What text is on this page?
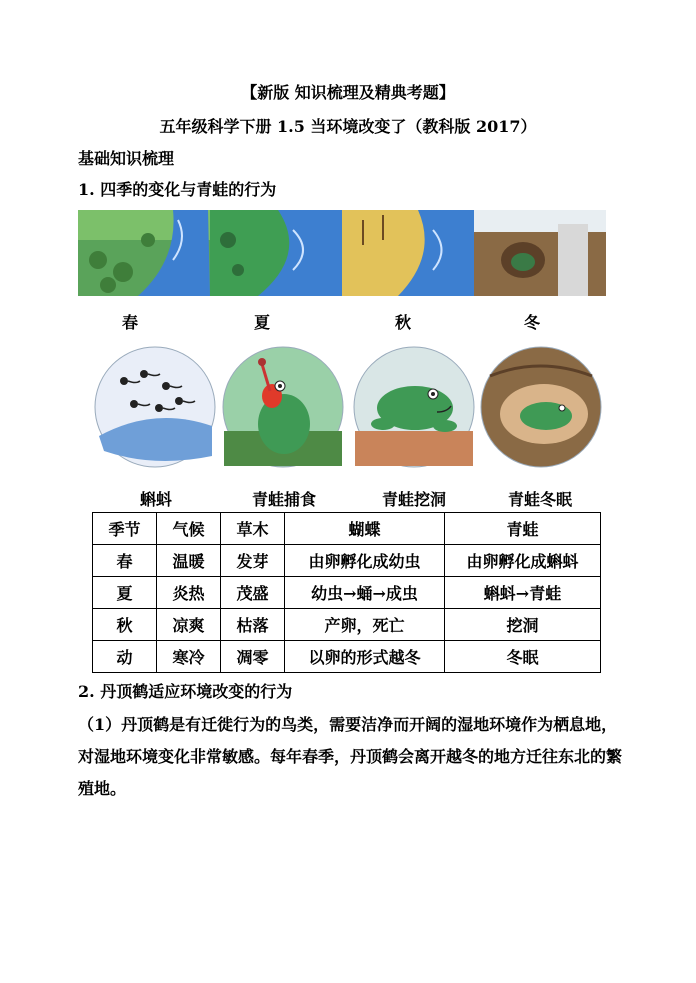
【新版 知识梳理及精典考题】
五年级科学下册 1.5 当环境改变了（教科版 2017）
基础知识梳理
1. 四季的变化与青蛙的行为
春	夏	秋	冬
蝌蚪	青蛙捕食	青蛙挖洞	青蛙冬眠
季节	气候	草木	蝴蝶	青蛙
春	温暖	发芽	由卵孵化成幼虫	由卵孵化成蝌蚪
夏	炎热	茂盛	幼虫→蛹→成虫	蝌蚪→青蛙
秋	凉爽	枯落	产卵，死亡	挖洞
动	寒冷	凋零	以卵的形式越冬	冬眠
2. 丹顶鹤适应环境改变的行为
（1）丹顶鹤是有迁徙行为的鸟类，需要洁净而开阔的湿地环境作为栖息地，对湿地环境变化非常敏感。每年春季，丹顶鹤会离开越冬的地方迁往东北的繁殖地。
